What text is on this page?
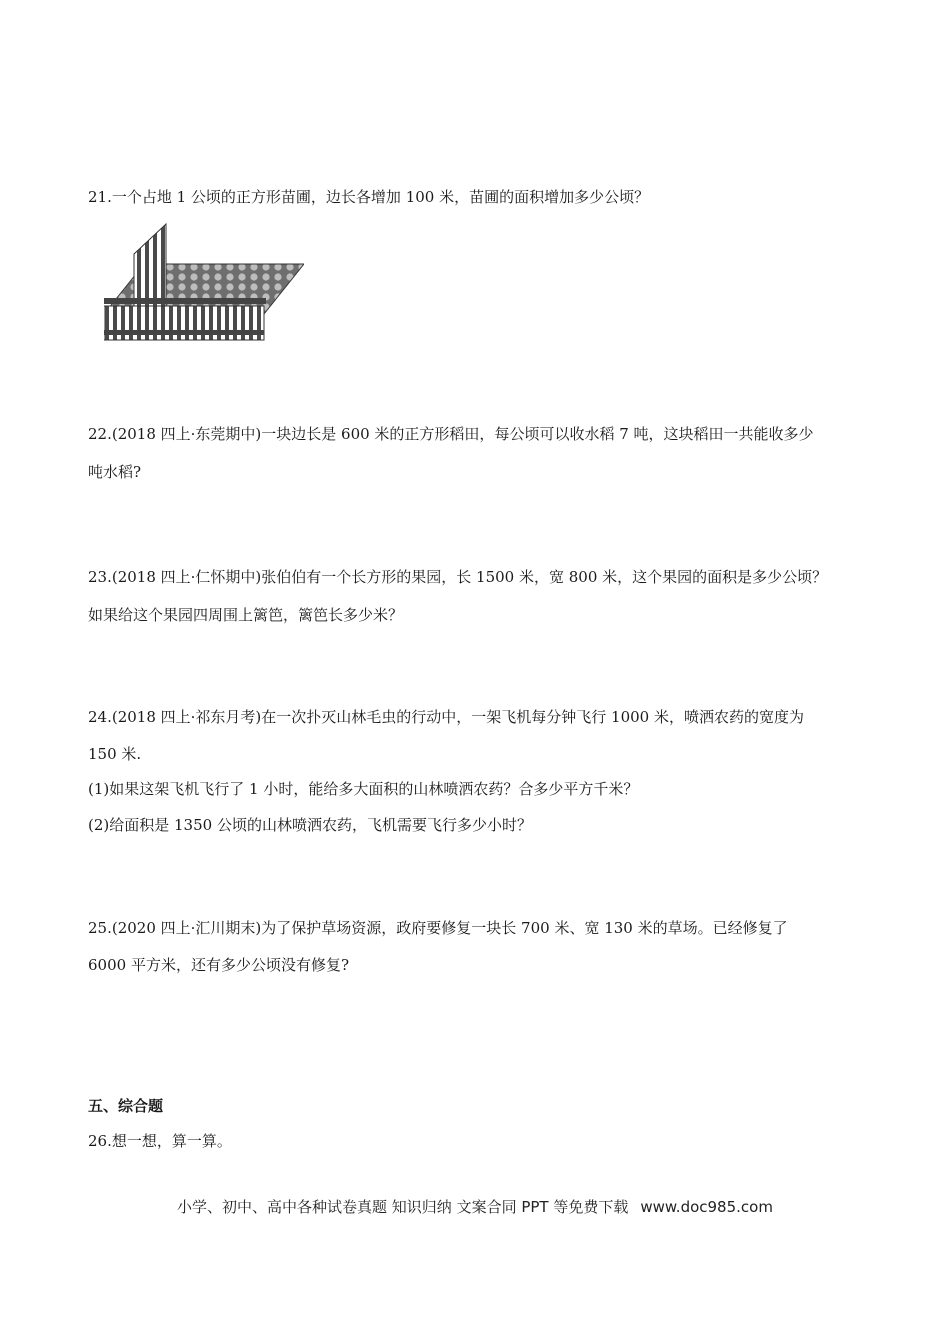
21.一个占地 1 公顷的正方形苗圃，边长各增加 100 米，苗圃的面积增加多少公顷？
22.(2018 四上·东莞期中)一块边长是 600 米的正方形稻田，每公顷可以收水稻 7 吨，这块稻田一共能收多少
吨水稻?
23.(2018 四上·仁怀期中)张伯伯有一个长方形的果园，长 1500 米，宽 800 米，这个果园的面积是多少公顷？
如果给这个果园四周围上篱笆，篱笆长多少米？
24.(2018 四上·祁东月考)在一次扑灭山林毛虫的行动中，一架飞机每分钟飞行 1000 米，喷洒农药的宽度为
150 米.
(1)如果这架飞机飞行了 1 小时，能给多大面积的山林喷洒农药？合多少平方千米？
(2)给面积是 1350 公顷的山林喷洒农药，飞机需要飞行多少小时？
25.(2020 四上·汇川期末)为了保护草场资源，政府要修复一块长 700 米、宽 130 米的草场。已经修复了
6000 平方米，还有多少公顷没有修复?
五、综合题
26.想一想，算一算。
小学、初中、高中各种试卷真题 知识归纳 文案合同 PPT 等免费下载 www.doc985.com
